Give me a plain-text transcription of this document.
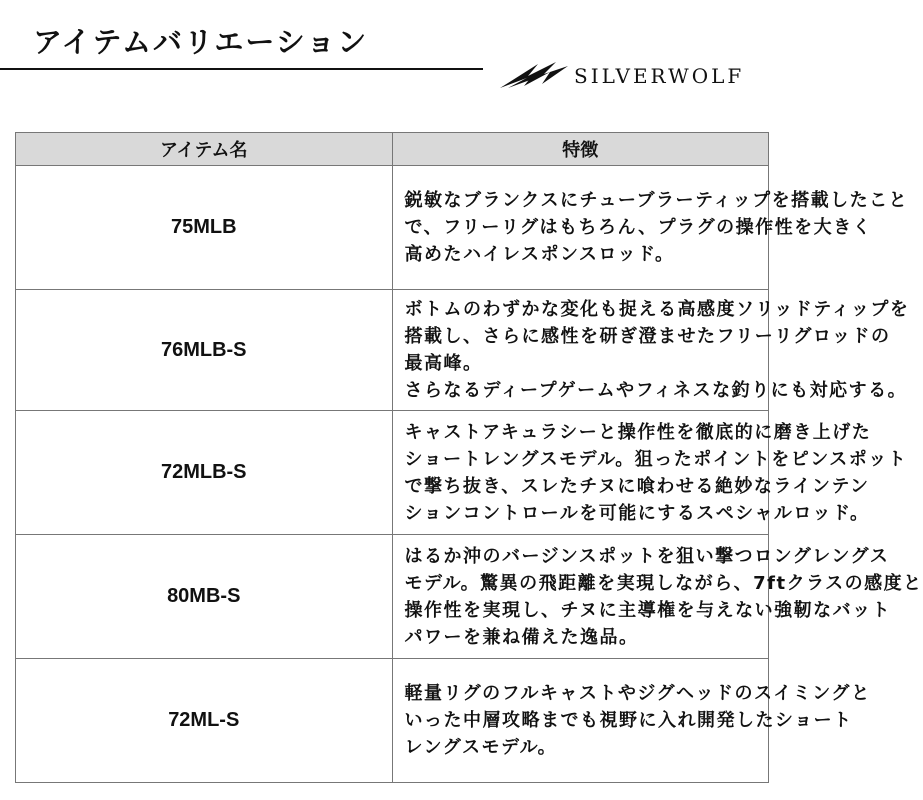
アイテムバリエーション
SILVERWOLF
アイテム名	特徴
75MLB	鋭敏なブランクスにチューブラーティップを搭載したこと
で、フリーリグはもちろん、プラグの操作性を大きく
高めたハイレスポンスロッド。

76MLB-S	ボトムのわずかな変化も捉える高感度ソリッドティップを
搭載し、さらに感性を研ぎ澄ませたフリーリグロッドの
最高峰。
さらなるディープゲームやフィネスな釣りにも対応する。

72MLB-S	キャストアキュラシーと操作性を徹底的に磨き上げた
ショートレングスモデル。狙ったポイントをピンスポット
で撃ち抜き、スレたチヌに喰わせる絶妙なラインテン
ションコントロールを可能にするスペシャルロッド。

80MB-S	はるか沖のバージンスポットを狙い撃つロングレングス
モデル。驚異の飛距離を実現しながら、7ftクラスの感度と
操作性を実現し、チヌに主導権を与えない強靭なバット
パワーを兼ね備えた逸品。

72ML-S	軽量リグのフルキャストやジグヘッドのスイミングと
いった中層攻略までも視野に入れ開発したショート
レングスモデル。
